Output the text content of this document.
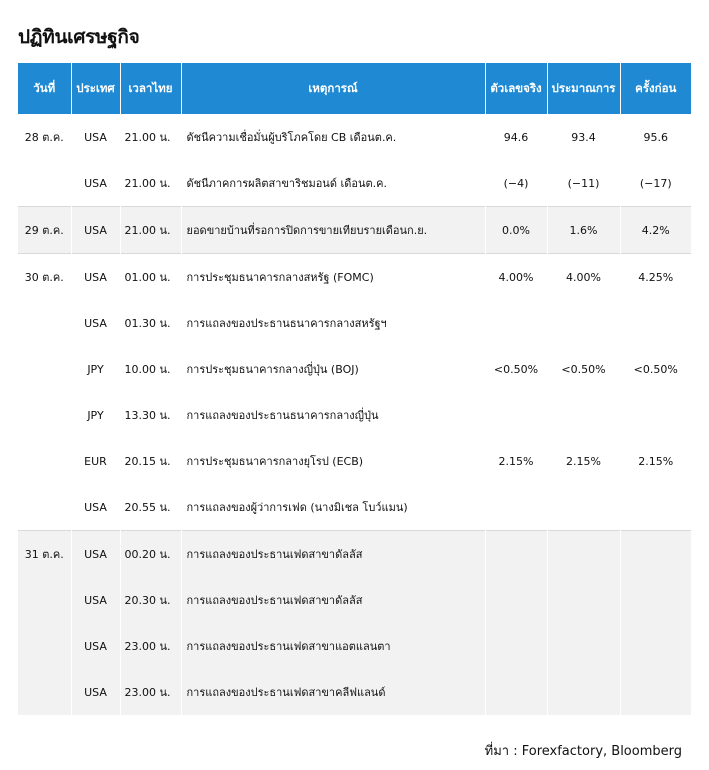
ปฏิทินเศรษฐกิจ
วันที่	ประเทศ	เวลาไทย	เหตุการณ์	ตัวเลขจริง	ประมาณการ	ครั้งก่อน
28 ต.ค.	USA	21.00 น.	ดัชนีความเชื่อมั่นผู้บริโภคโดย CB เดือนต.ค.	94.6	93.4	95.6
	USA	21.00 น.	ดัชนีภาคการผลิตสาขาริชมอนด์ เดือนต.ค.	(−4)	(−11)	(−17)
29 ต.ค.	USA	21.00 น.	ยอดขายบ้านที่รอการปิดการขายเทียบรายเดือนก.ย.	0.0%	1.6%	4.2%
30 ต.ค.	USA	01.00 น.	การประชุมธนาคารกลางสหรัฐ (FOMC)	4.00%	4.00%	4.25%
	USA	01.30 น.	การแถลงของประธานธนาคารกลางสหรัฐฯ			
	JPY	10.00 น.	การประชุมธนาคารกลางญี่ปุ่น (BOJ)	<0.50%	<0.50%	<0.50%
	JPY	13.30 น.	การแถลงของประธานธนาคารกลางญี่ปุ่น			
	EUR	20.15 น.	การประชุมธนาคารกลางยุโรป (ECB)	2.15%	2.15%	2.15%
	USA	20.55 น.	การแถลงของผู้ว่าการเฟด (นางมิเชล โบว์แมน)			
31 ต.ค.	USA	00.20 น.	การแถลงของประธานเฟดสาขาดัลลัส			
	USA	20.30 น.	การแถลงของประธานเฟดสาขาดัลลัส			
	USA	23.00 น.	การแถลงของประธานเฟดสาขาแอตแลนตา			
	USA	23.00 น.	การแถลงของประธานเฟดสาขาคลีฟแลนด์			
ที่มา : Forexfactory, Bloomberg
